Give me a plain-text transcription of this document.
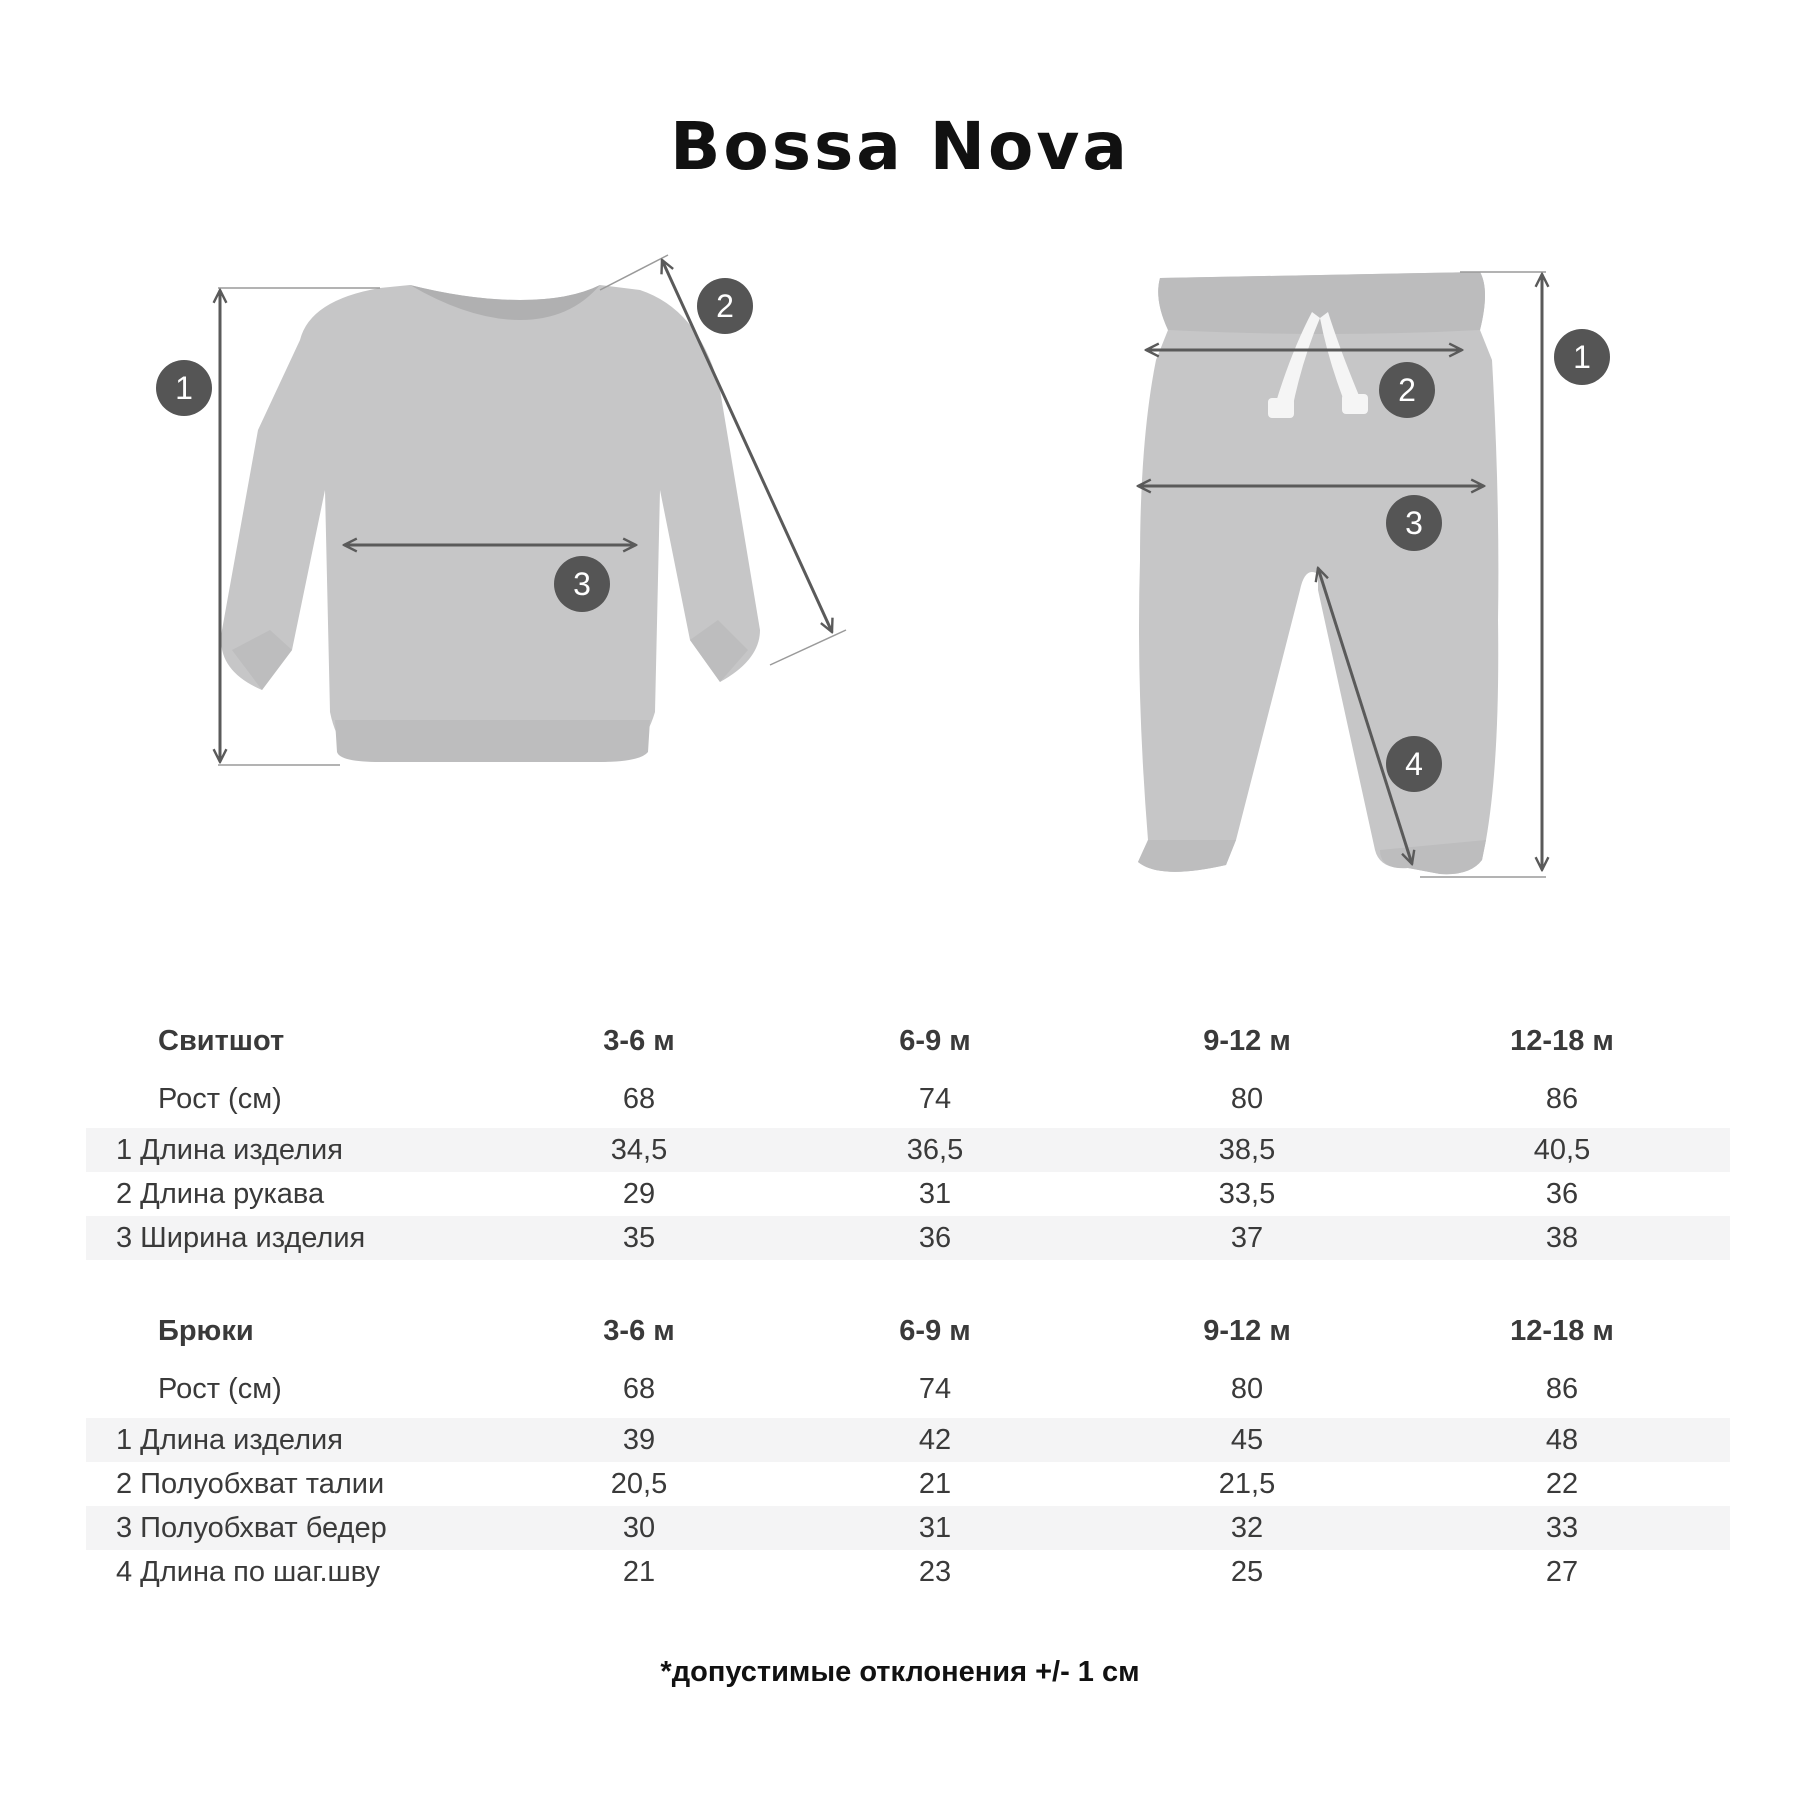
Bossa Nova
1
2
3
1
2
3
4
Свитшот	3-6 м	6-9 м	9-12 м	12-18 м
Рост (см)	68	74	80	86
1 Длина изделия	34,5	36,5	38,5	40,5
2 Длина рукава	29	31	33,5	36
3 Ширина изделия	35	36	37	38
Брюки	3-6 м	6-9 м	9-12 м	12-18 м
Рост (см)	68	74	80	86
1 Длина изделия	39	42	45	48
2 Полуобхват талии	20,5	21	21,5	22
3 Полуобхват бедер	30	31	32	33
4 Длина по шаг.шву	21	23	25	27
*допустимые отклонения +/- 1 см
